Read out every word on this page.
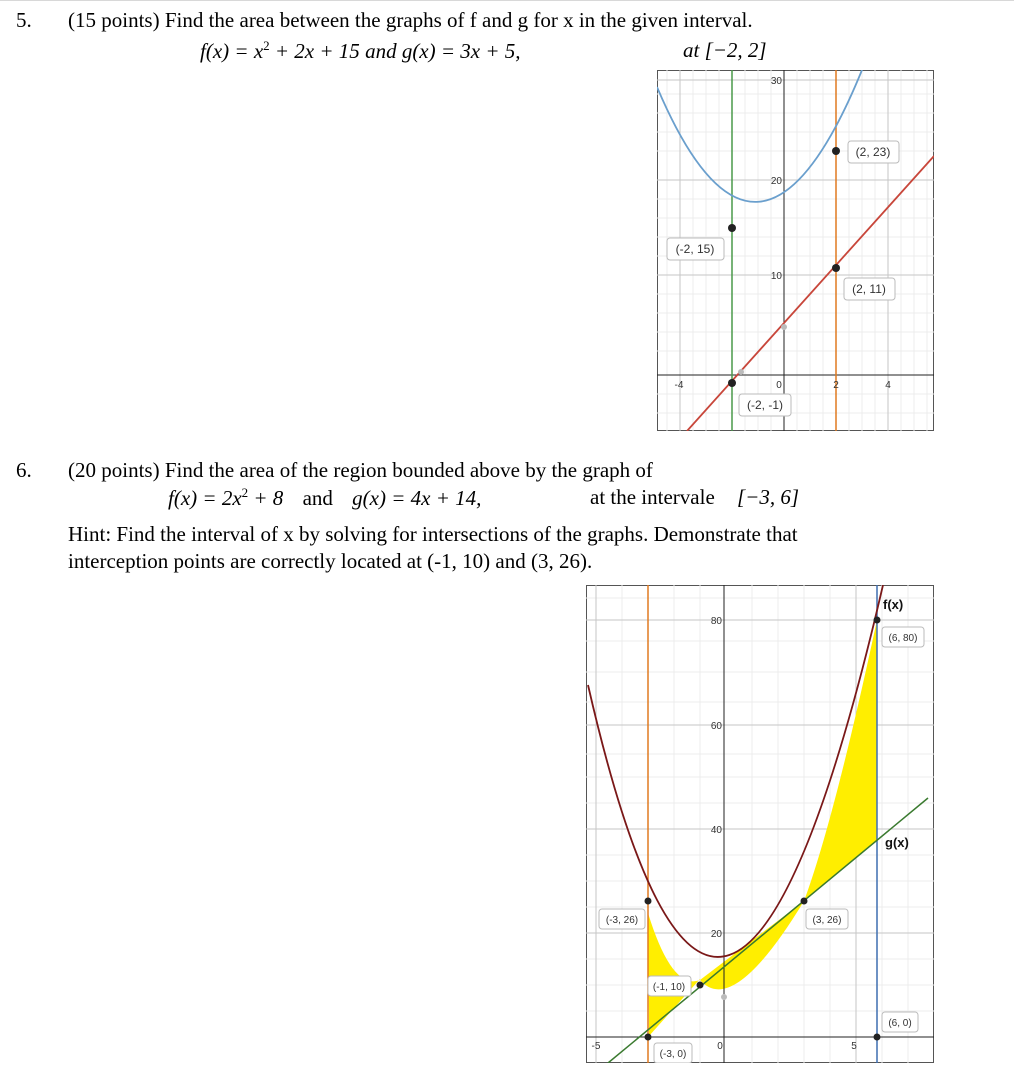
5. (15 points) Find the area between the graphs of f and g for x in the given interval.
$f(x) = x^2 + 2x + 15$ and g(x) = 3x + 5,	at [−2, 2]
(2, 23)
(-2, 15)
(2, 11)
(-2, -1)
-4	0	2	4
30
20
10
6. (20 points) Find the area of the region bounded above by the graph of
$f(x) = 2x^2 + 8$ and g(x) = 4x + 14,	at the intervale [−3, 6]
Hint: Find the interval of x by solving for intersections of the graphs. Demonstrate that
interception points are correctly located at (-1, 10) and (3, 26).
f(x)
g(x)
(6, 80)
(-3, 26)	(3, 26)
(-1, 10)
(6, 0)
(-3, 0)
-5	0	5
80
60
40
20
